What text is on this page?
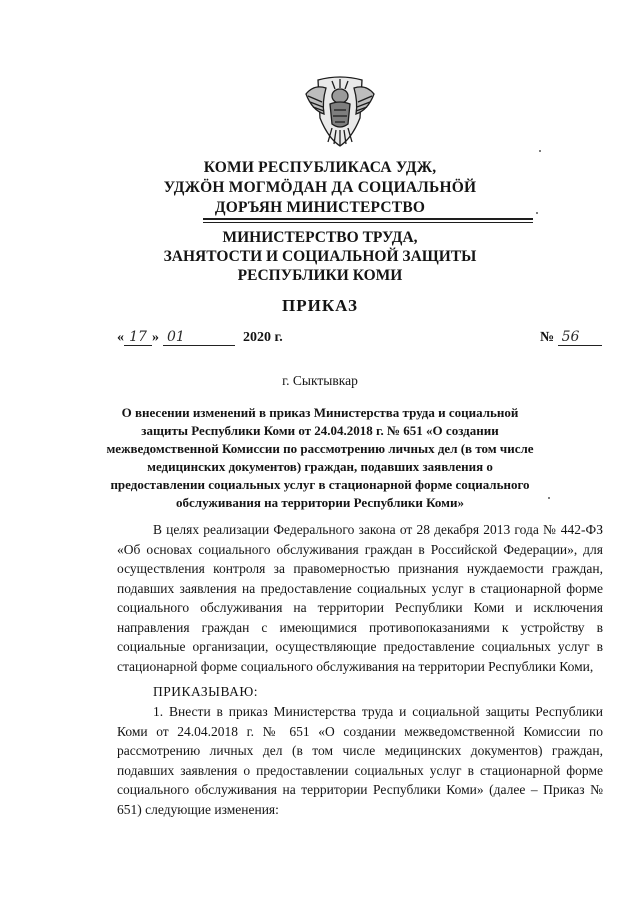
КОМИ РЕСПУБЛИКАСА УДЖ,
УДЖӦН МОГМӦДАН ДА СОЦИАЛЬНӦЙ
ДОРЪЯН МИНИСТЕРСТВО
МИНИСТЕРСТВО ТРУДА,
ЗАНЯТОСТИ И СОЦИАЛЬНОЙ ЗАЩИТЫ
РЕСПУБЛИКИ КОМИ
ПРИКАЗ
« 17 » 01	2020 г.	№ 56
г. Сыктывкар
О внесении изменений в приказ Министерства труда и социальной
защиты Республики Коми от 24.04.2018 г. № 651 «О создании
межведомственной Комиссии по рассмотрению личных дел (в том числе
медицинских документов) граждан, подавших заявления о
предоставлении социальных услуг в стационарной форме социального
обслуживания на территории Республики Коми»
В целях реализации Федерального закона от 28 декабря 2013 года № 442-ФЗ «Об основах социального обслуживания граждан в Российской Федерации», для осуществления контроля за правомерностью признания нуждаемости граждан, подавших заявления на предоставление социальных услуг в стационарной форме социального обслуживания на территории Республики Коми и исключения направления граждан с имеющимися противопоказаниями к устройству в социальные организации, осуществляющие предоставление социальных услуг в стационарной форме социального обслуживания на территории Республики Коми,
ПРИКАЗЫВАЮ:
1. Внести в приказ Министерства труда и социальной защиты Республики Коми от 24.04.2018 г. № 651 «О создании межведомственной Комиссии по рассмотрению личных дел (в том числе медицинских документов) граждан, подавших заявления о предоставлении социальных услуг в стационарной форме социального обслуживания на территории Республики Коми» (далее – Приказ № 651) следующие изменения:
